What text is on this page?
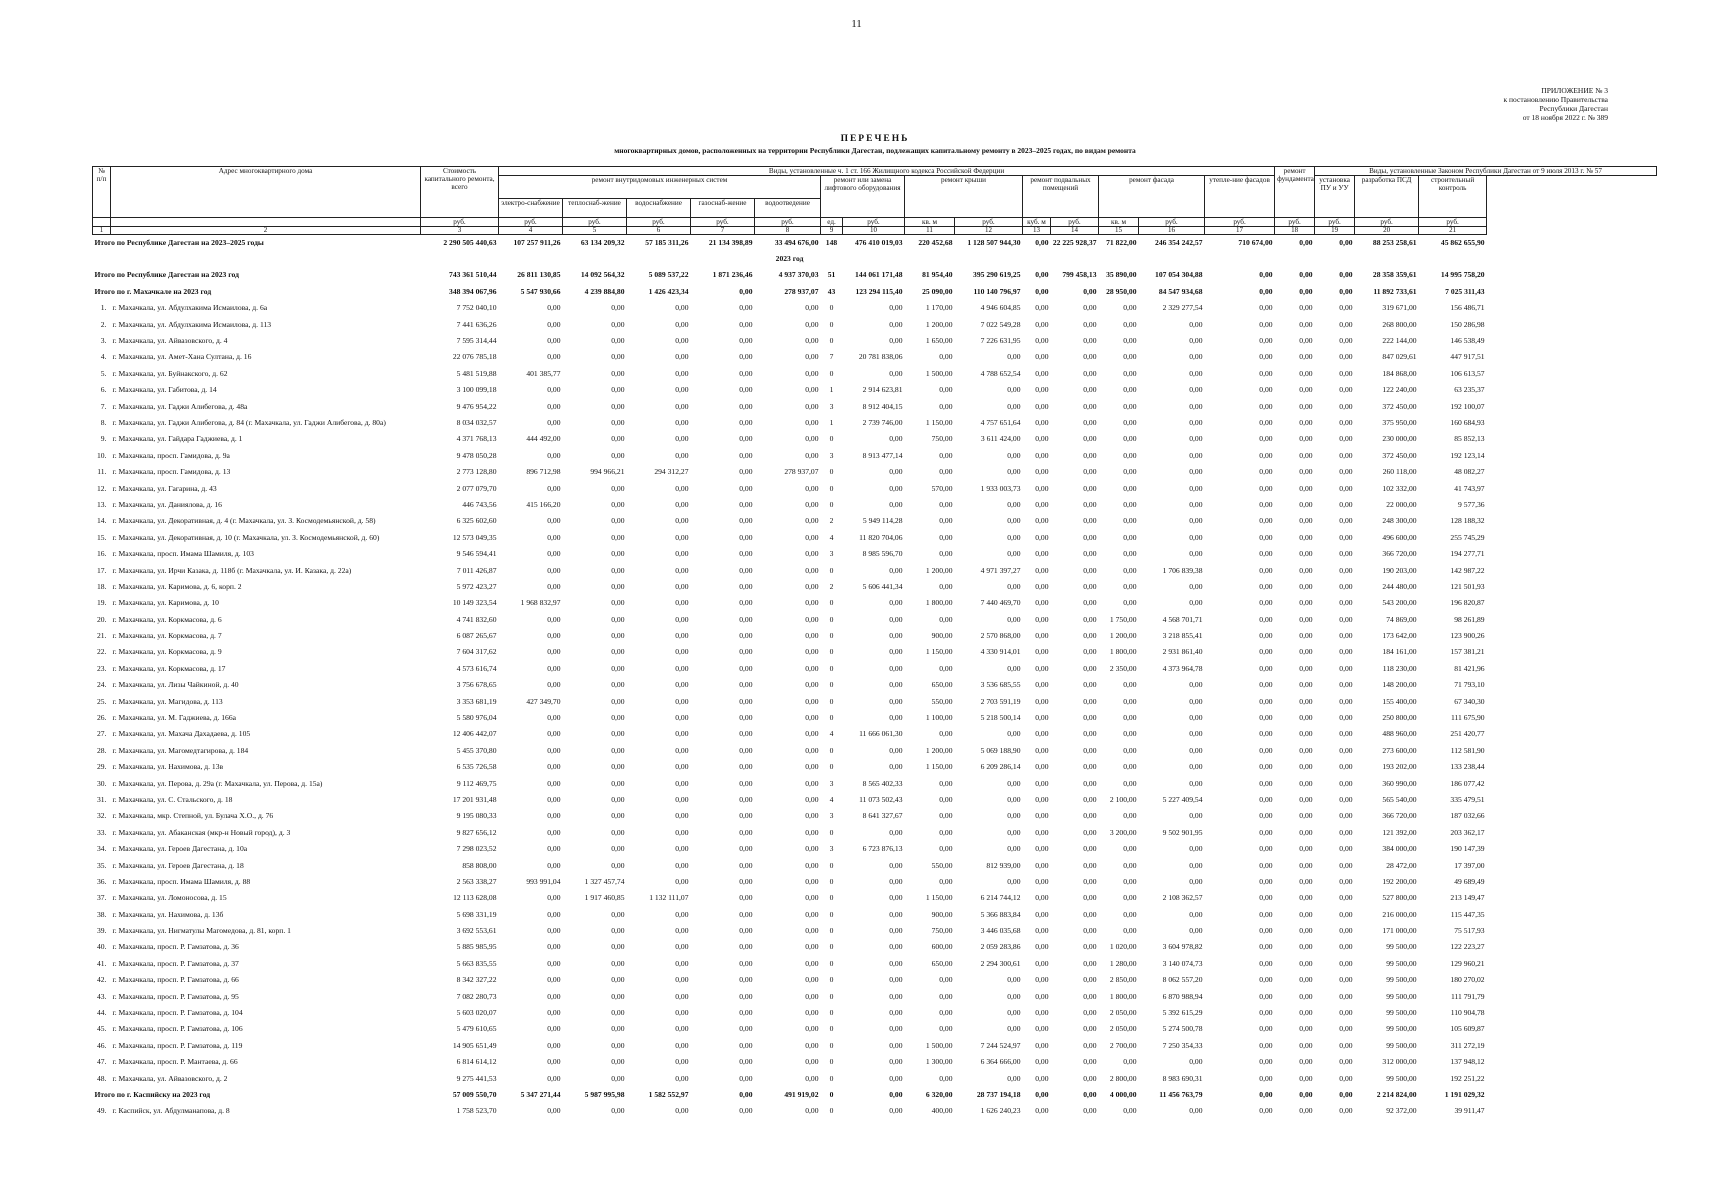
11
ПРИЛОЖЕНИЕ № 3
к постановлению Правительства
Республики Дагестан
от 18 ноября 2022 г. № 389
ПЕРЕЧЕНЬ
многоквартирных домов, расположенных на территории Республики Дагестан, подлежащих капитальному ремонту в 2023–2025 годах, по видам ремонта
№ п/п	Адрес многоквартирного дома	Стоимость капитального ремонта, всего	Виды, установленные ч. 1 ст. 166 Жилищного кодекса Российской Федерции														ремонт фундамента	Виды, установленные Законом Республики Дагестан от 9 июля 2013 г. № 57		
			ремонт внутридомовых инженерных систем					ремонт или замена лифтового оборудования		ремонт крыши		ремонт подвальных помещений		ремонт фасада		утепле-ние фасадов		установка ПУ и УУ	разработка ПСД	строительный контроль
			электро-снабжение	теплоснаб-жение	водоснабжение	газоснаб-жение	водоотведение													
		руб.	руб.	руб.	руб.	руб.	руб.	ед.	руб.	кв. м	руб.	куб. м	руб.	кв. м	руб.	руб.	руб.	руб.	руб.	руб.
1	2	3	4	5	6	7	8	9	10	11	12	13	14	15	16	17	18	19	20	21
Итого по Республике Дагестан на 2023–2025 годы		2 290 505 440,63	107 257 911,26	63 134 209,32	57 185 311,26	21 134 398,89	33 494 676,00	148	476 410 019,03	220 452,68	1 128 507 944,30	0,00	22 225 928,37	71 822,00	246 354 242,57	710 674,00	0,00	0,00	88 253 258,61	45 862 655,90
2023 год																				
Итого по Республике Дагестан на 2023 год		743 361 510,44	26 811 130,85	14 092 564,32	5 089 537,22	1 871 236,46	4 937 370,03	51	144 061 171,48	81 954,40	395 290 619,25	0,00	799 458,13	35 890,00	107 054 304,88	0,00	0,00	0,00	28 358 359,61	14 995 758,20
Итого по г. Махачкале на 2023 год		348 394 067,96	5 547 930,66	4 239 884,80	1 426 423,34	0,00	278 937,07	43	123 294 115,40	25 090,00	110 140 796,97	0,00	0,00	28 950,00	84 547 934,68	0,00	0,00	0,00	11 892 733,61	7 025 311,43
1.	г. Махачкала, ул. Абдулхакима Исмаилова, д. 6а	7 752 040,10	0,00	0,00	0,00	0,00	0,00	0	0,00	1 170,00	4 946 604,85	0,00	0,00	0,00	2 329 277,54	0,00	0,00	0,00	319 671,00	156 486,71
2.	г. Махачкала, ул. Абдулхакима Исмаилова, д. 113	7 441 636,26	0,00	0,00	0,00	0,00	0,00	0	0,00	1 200,00	7 022 549,28	0,00	0,00	0,00	0,00	0,00	0,00	0,00	268 800,00	150 286,98
3.	г. Махачкала, ул. Айвазовского, д. 4	7 595 314,44	0,00	0,00	0,00	0,00	0,00	0	0,00	1 650,00	7 226 631,95	0,00	0,00	0,00	0,00	0,00	0,00	0,00	222 144,00	146 538,49
4.	г. Махачкала, ул. Амет-Хана Султана, д. 16	22 076 785,18	0,00	0,00	0,00	0,00	0,00	7	20 781 838,06	0,00	0,00	0,00	0,00	0,00	0,00	0,00	0,00	0,00	847 029,61	447 917,51
5.	г. Махачкала, ул. Буйнакского, д. 62	5 481 519,88	401 385,77	0,00	0,00	0,00	0,00	0	0,00	1 500,00	4 788 652,54	0,00	0,00	0,00	0,00	0,00	0,00	0,00	184 868,00	106 613,57
6.	г. Махачкала, ул. Габитова, д. 14	3 100 099,18	0,00	0,00	0,00	0,00	0,00	1	2 914 623,81	0,00	0,00	0,00	0,00	0,00	0,00	0,00	0,00	0,00	122 240,00	63 235,37
7.	г. Махачкала, ул. Гаджи Алибегова, д. 48а	9 476 954,22	0,00	0,00	0,00	0,00	0,00	3	8 912 404,15	0,00	0,00	0,00	0,00	0,00	0,00	0,00	0,00	0,00	372 450,00	192 100,07
8.	г. Махачкала, ул. Гаджи Алибегова, д. 84 (г. Махачкала, ул. Гаджи Алибегова, д. 80а)	8 034 032,57	0,00	0,00	0,00	0,00	0,00	1	2 739 746,00	1 150,00	4 757 651,64	0,00	0,00	0,00	0,00	0,00	0,00	0,00	375 950,00	160 684,93
9.	г. Махачкала, ул. Гайдара Гаджиева, д. 1	4 371 768,13	444 492,00	0,00	0,00	0,00	0,00	0	0,00	750,00	3 611 424,00	0,00	0,00	0,00	0,00	0,00	0,00	0,00	230 000,00	85 852,13
10.	г. Махачкала, просп. Гамидова, д. 9а	9 478 050,28	0,00	0,00	0,00	0,00	0,00	3	8 913 477,14	0,00	0,00	0,00	0,00	0,00	0,00	0,00	0,00	0,00	372 450,00	192 123,14
11.	г. Махачкала, просп. Гамидова, д. 13	2 773 128,80	896 712,98	994 966,21	294 312,27	0,00	278 937,07	0	0,00	0,00	0,00	0,00	0,00	0,00	0,00	0,00	0,00	0,00	260 118,00	48 082,27
12.	г. Махачкала, ул. Гагарина, д. 43	2 077 079,70	0,00	0,00	0,00	0,00	0,00	0	0,00	570,00	1 933 003,73	0,00	0,00	0,00	0,00	0,00	0,00	0,00	102 332,00	41 743,97
13.	г. Махачкала, ул. Даниялова, д. 16	446 743,56	415 166,20	0,00	0,00	0,00	0,00	0	0,00	0,00	0,00	0,00	0,00	0,00	0,00	0,00	0,00	0,00	22 000,00	9 577,36
14.	г. Махачкала, ул. Декоративная, д. 4 (г. Махачкала, ул. З. Космодемьянской, д. 58)	6 325 602,60	0,00	0,00	0,00	0,00	0,00	2	5 949 114,28	0,00	0,00	0,00	0,00	0,00	0,00	0,00	0,00	0,00	248 300,00	128 188,32
15.	г. Махачкала, ул. Декоративная, д. 10 (г. Махачкала, ул. З. Космодемьянской, д. 60)	12 573 049,35	0,00	0,00	0,00	0,00	0,00	4	11 820 704,06	0,00	0,00	0,00	0,00	0,00	0,00	0,00	0,00	0,00	496 600,00	255 745,29
16.	г. Махачкала, просп. Имама Шамиля, д. 103	9 546 594,41	0,00	0,00	0,00	0,00	0,00	3	8 985 596,70	0,00	0,00	0,00	0,00	0,00	0,00	0,00	0,00	0,00	366 720,00	194 277,71
17.	г. Махачкала, ул. Ирчи Казака, д. 118б (г. Махачкала, ул. И. Казака, д. 22а)	7 011 426,87	0,00	0,00	0,00	0,00	0,00	0	0,00	1 200,00	4 971 397,27	0,00	0,00	0,00	1 706 839,38	0,00	0,00	0,00	190 203,00	142 987,22
18.	г. Махачкала, ул. Каримова, д. 6, корп. 2	5 972 423,27	0,00	0,00	0,00	0,00	0,00	2	5 606 441,34	0,00	0,00	0,00	0,00	0,00	0,00	0,00	0,00	0,00	244 480,00	121 501,93
19.	г. Махачкала, ул. Каримова, д. 10	10 149 323,54	1 968 832,97	0,00	0,00	0,00	0,00	0	0,00	1 800,00	7 440 469,70	0,00	0,00	0,00	0,00	0,00	0,00	0,00	543 200,00	196 820,87
20.	г. Махачкала, ул. Коркмасова, д. 6	4 741 832,60	0,00	0,00	0,00	0,00	0,00	0	0,00	0,00	0,00	0,00	0,00	1 750,00	4 568 701,71	0,00	0,00	0,00	74 869,00	98 261,89
21.	г. Махачкала, ул. Коркмасова, д. 7	6 087 265,67	0,00	0,00	0,00	0,00	0,00	0	0,00	900,00	2 570 868,00	0,00	0,00	1 200,00	3 218 855,41	0,00	0,00	0,00	173 642,00	123 900,26
22.	г. Махачкала, ул. Коркмасова, д. 9	7 604 317,62	0,00	0,00	0,00	0,00	0,00	0	0,00	1 150,00	4 330 914,01	0,00	0,00	1 800,00	2 931 861,40	0,00	0,00	0,00	184 161,00	157 381,21
23.	г. Махачкала, ул. Коркмасова, д. 17	4 573 616,74	0,00	0,00	0,00	0,00	0,00	0	0,00	0,00	0,00	0,00	0,00	2 350,00	4 373 964,78	0,00	0,00	0,00	118 230,00	81 421,96
24.	г. Махачкала, ул. Лизы Чайкиной, д. 40	3 756 678,65	0,00	0,00	0,00	0,00	0,00	0	0,00	650,00	3 536 685,55	0,00	0,00	0,00	0,00	0,00	0,00	0,00	148 200,00	71 793,10
25.	г. Махачкала, ул. Магидова, д. 113	3 353 681,19	427 349,70	0,00	0,00	0,00	0,00	0	0,00	550,00	2 703 591,19	0,00	0,00	0,00	0,00	0,00	0,00	0,00	155 400,00	67 340,30
26.	г. Махачкала, ул. М. Гаджиева, д. 166а	5 580 976,04	0,00	0,00	0,00	0,00	0,00	0	0,00	1 100,00	5 218 500,14	0,00	0,00	0,00	0,00	0,00	0,00	0,00	250 800,00	111 675,90
27.	г. Махачкала, ул. Махача Дахадаева, д. 105	12 406 442,07	0,00	0,00	0,00	0,00	0,00	4	11 666 061,30	0,00	0,00	0,00	0,00	0,00	0,00	0,00	0,00	0,00	488 960,00	251 420,77
28.	г. Махачкала, ул. Магомедтагирова, д. 184	5 455 370,80	0,00	0,00	0,00	0,00	0,00	0	0,00	1 200,00	5 069 188,90	0,00	0,00	0,00	0,00	0,00	0,00	0,00	273 600,00	112 581,90
29.	г. Махачкала, ул. Нахимова, д. 13в	6 535 726,58	0,00	0,00	0,00	0,00	0,00	0	0,00	1 150,00	6 209 286,14	0,00	0,00	0,00	0,00	0,00	0,00	0,00	193 202,00	133 238,44
30.	г. Махачкала, ул. Перова, д. 29а (г. Махачкала, ул. Перова, д. 15а)	9 112 469,75	0,00	0,00	0,00	0,00	0,00	3	8 565 402,33	0,00	0,00	0,00	0,00	0,00	0,00	0,00	0,00	0,00	360 990,00	186 077,42
31.	г. Махачкала, ул. С. Стальского, д. 18	17 201 931,48	0,00	0,00	0,00	0,00	0,00	4	11 073 502,43	0,00	0,00	0,00	0,00	2 100,00	5 227 409,54	0,00	0,00	0,00	565 540,00	335 479,51
32.	г. Махачкала, мкр. Степной, ул. Булача Х.О., д. 76	9 195 080,33	0,00	0,00	0,00	0,00	0,00	3	8 641 327,67	0,00	0,00	0,00	0,00	0,00	0,00	0,00	0,00	0,00	366 720,00	187 032,66
33.	г. Махачкала, ул. Абаканская (мкр-н Новый город), д. 3	9 827 656,12	0,00	0,00	0,00	0,00	0,00	0	0,00	0,00	0,00	0,00	0,00	3 200,00	9 502 901,95	0,00	0,00	0,00	121 392,00	203 362,17
34.	г. Махачкала, ул. Героев Дагестана, д. 10а	7 298 023,52	0,00	0,00	0,00	0,00	0,00	3	6 723 876,13	0,00	0,00	0,00	0,00	0,00	0,00	0,00	0,00	0,00	384 000,00	190 147,39
35.	г. Махачкала, ул. Героев Дагестана, д. 18	858 808,00	0,00	0,00	0,00	0,00	0,00	0	0,00	550,00	812 939,00	0,00	0,00	0,00	0,00	0,00	0,00	0,00	28 472,00	17 397,00
36.	г. Махачкала, просп. Имама Шамиля, д. 88	2 563 338,27	993 991,04	1 327 457,74	0,00	0,00	0,00	0	0,00	0,00	0,00	0,00	0,00	0,00	0,00	0,00	0,00	0,00	192 200,00	49 689,49
37.	г. Махачкала, ул. Ломоносова, д. 15	12 113 628,08	0,00	1 917 460,85	1 132 111,07	0,00	0,00	0	0,00	1 150,00	6 214 744,12	0,00	0,00	0,00	2 108 362,57	0,00	0,00	0,00	527 800,00	213 149,47
38.	г. Махачкала, ул. Нахимова, д. 13б	5 698 331,19	0,00	0,00	0,00	0,00	0,00	0	0,00	900,00	5 366 883,84	0,00	0,00	0,00	0,00	0,00	0,00	0,00	216 000,00	115 447,35
39.	г. Махачкала, ул. Нигматулы Магомедова, д. 81, корп. 1	3 692 553,61	0,00	0,00	0,00	0,00	0,00	0	0,00	750,00	3 446 035,68	0,00	0,00	0,00	0,00	0,00	0,00	0,00	171 000,00	75 517,93
40.	г. Махачкала, просп. Р. Гамзатова, д. 36	5 885 985,95	0,00	0,00	0,00	0,00	0,00	0	0,00	600,00	2 059 283,86	0,00	0,00	1 020,00	3 604 978,82	0,00	0,00	0,00	99 500,00	122 223,27
41.	г. Махачкала, просп. Р. Гамзатова, д. 37	5 663 835,55	0,00	0,00	0,00	0,00	0,00	0	0,00	650,00	2 294 300,61	0,00	0,00	1 280,00	3 140 074,73	0,00	0,00	0,00	99 500,00	129 960,21
42.	г. Махачкала, просп. Р. Гамзатова, д. 66	8 342 327,22	0,00	0,00	0,00	0,00	0,00	0	0,00	0,00	0,00	0,00	0,00	2 850,00	8 062 557,20	0,00	0,00	0,00	99 500,00	180 270,02
43.	г. Махачкала, просп. Р. Гамзатова, д. 95	7 082 280,73	0,00	0,00	0,00	0,00	0,00	0	0,00	0,00	0,00	0,00	0,00	1 800,00	6 870 988,94	0,00	0,00	0,00	99 500,00	111 791,79
44.	г. Махачкала, просп. Р. Гамзатова, д. 104	5 603 020,07	0,00	0,00	0,00	0,00	0,00	0	0,00	0,00	0,00	0,00	0,00	2 050,00	5 392 615,29	0,00	0,00	0,00	99 500,00	110 904,78
45.	г. Махачкала, просп. Р. Гамзатова, д. 106	5 479 610,65	0,00	0,00	0,00	0,00	0,00	0	0,00	0,00	0,00	0,00	0,00	2 050,00	5 274 500,78	0,00	0,00	0,00	99 500,00	105 609,87
46.	г. Махачкала, просп. Р. Гамзатова, д. 119	14 905 651,49	0,00	0,00	0,00	0,00	0,00	0	0,00	1 500,00	7 244 524,97	0,00	0,00	2 700,00	7 250 354,33	0,00	0,00	0,00	99 500,00	311 272,19
47.	г. Махачкала, просп. Р. Мантаева, д. 66	6 814 614,12	0,00	0,00	0,00	0,00	0,00	0	0,00	1 300,00	6 364 666,00	0,00	0,00	0,00	0,00	0,00	0,00	0,00	312 000,00	137 948,12
48.	г. Махачкала, ул. Айвазовского, д. 2	9 275 441,53	0,00	0,00	0,00	0,00	0,00	0	0,00	0,00	0,00	0,00	0,00	2 800,00	8 983 690,31	0,00	0,00	0,00	99 500,00	192 251,22
Итого по г. Каспийску на 2023 год		57 009 550,70	5 347 271,44	5 987 995,98	1 582 552,97	0,00	491 919,02	0	0,00	6 320,00	28 737 194,18	0,00	0,00	4 000,00	11 456 763,79	0,00	0,00	0,00	2 214 824,00	1 191 029,32
49.	г. Каспийск, ул. Абдулманапова, д. 8	1 758 523,70	0,00	0,00	0,00	0,00	0,00	0	0,00	400,00	1 626 240,23	0,00	0,00	0,00	0,00	0,00	0,00	0,00	92 372,00	39 911,47
